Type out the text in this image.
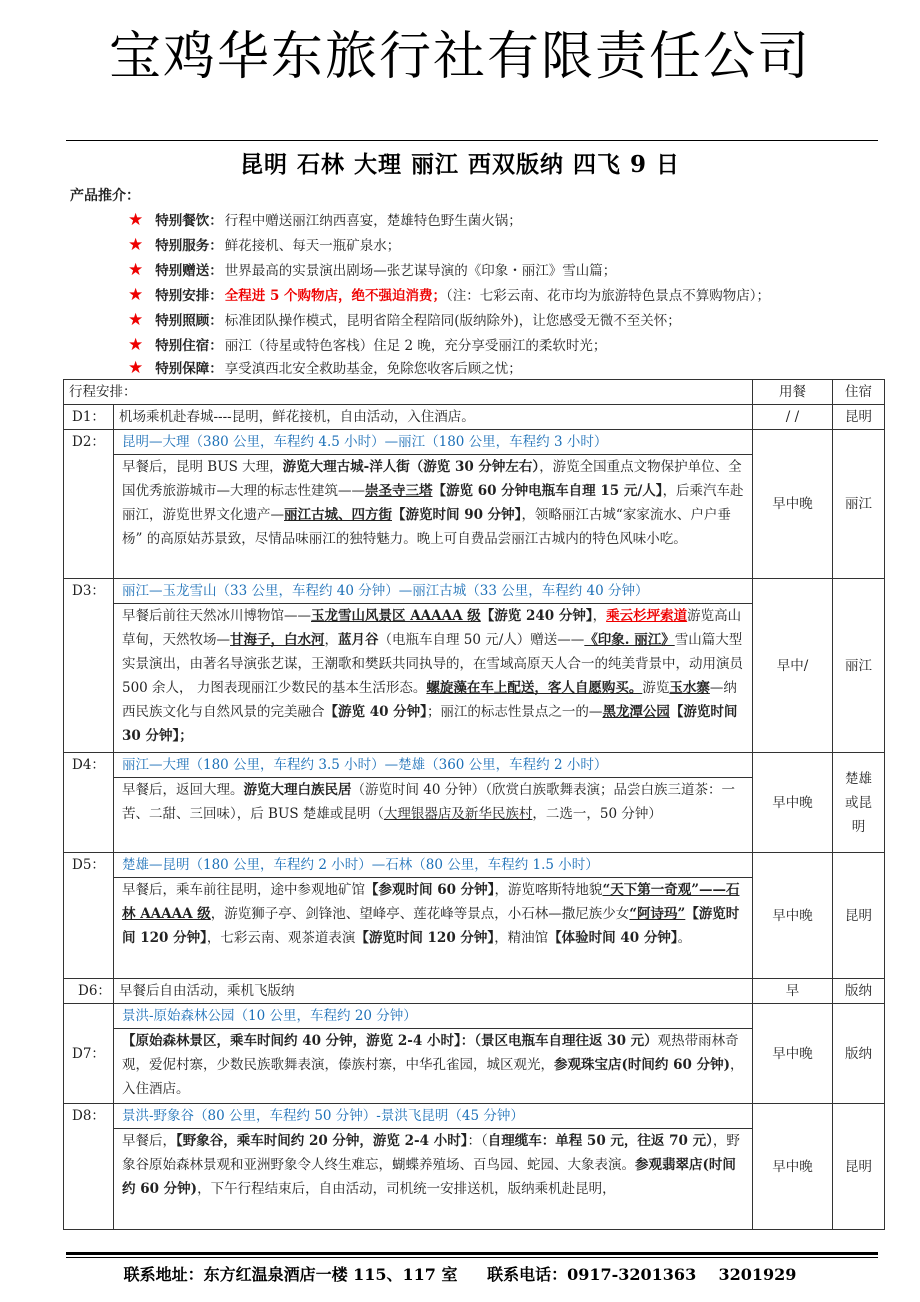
宝鸡华东旅行社有限责任公司
昆明 石林 大理 丽江 西双版纳 四飞 9 日
产品推介：
★ 特别餐饮： 行程中赠送丽江纳西喜宴，楚雄特色野生菌火锅；
★ 特别服务： 鲜花接机、每天一瓶矿泉水；
★ 特别赠送： 世界最高的实景演出剧场—张艺谋导演的《印象・丽江》雪山篇；
★ 特别安排： 全程进 5 个购物店，绝不强迫消费；（注：七彩云南、花市均为旅游特色景点不算购物店）；
★ 特别照顾： 标准团队操作模式，昆明省陪全程陪同(版纳除外)，让您感受无微不至关怀；
★ 特别住宿： 丽江（待星或特色客栈）住足 2 晚，充分享受丽江的柔软时光；
★ 特别保障： 享受滇西北安全救助基金，免除您收客后顾之忧；
行程安排：		用餐	住宿
D1：	机场乘机赴春城----昆明，鲜花接机，自由活动，入住酒店。	/ /	昆明
D2：	昆明—大理（380 公里，车程约 4.5 小时）—丽江（180 公里，车程约 3 小时）
早餐后，昆明 BUS 大理，游览大理古城-洋人街（游览 30 分钟左右），游览全国重点文物保护单位、全国优秀旅游城市—大理的标志性建筑——崇圣寺三塔【游览 60 分钟电瓶车自理 15 元/人】，后乘汽车赴丽江，游览世界文化遗产—丽江古城、四方街【游览时间 90 分钟】，领略丽江古城“家家流水、户户垂杨” 的高原姑苏景致，尽情品味丽江的独特魅力。晚上可自费品尝丽江古城内的特色风味小吃。	早中晚	丽江
D3：	丽江—玉龙雪山（33 公里，车程约 40 分钟）—丽江古城（33 公里，车程约 40 分钟）
早餐后前往天然冰川博物馆——玉龙雪山风景区 AAAAA 级【游览 240 分钟】，乘云杉坪索道游览高山草甸，天然牧场—甘海子，白水河，蓝月谷（电瓶车自理 50 元/人）赠送——《印象. 丽江》雪山篇大型实景演出，由著名导演张艺谋，王潮歌和樊跃共同执导的，在雪域高原天人合一的纯美背景中，动用演员 500 余人， 力图表现丽江少数民的基本生活形态。螺旋藻在车上配送，客人自愿购买。游览玉水寨—纳西民族文化与自然风景的完美融合【游览 40 分钟】；丽江的标志性景点之一的—黑龙潭公园【游览时间 30 分钟】；	早中/	丽江
D4：	丽江—大理（180 公里，车程约 3.5 小时）—楚雄（360 公里，车程约 2 小时）
早餐后，返回大理。游览大理白族民居（游览时间 40 分钟）（欣赏白族歌舞表演；品尝白族三道茶：一苦、二甜、三回味），后 BUS 楚雄或昆明（大理银器店及新华民族村，二选一，50 分钟）	早中晚	楚雄或昆明
D5：	楚雄—昆明（180 公里，车程约 2 小时）—石林（80 公里，车程约 1.5 小时）
早餐后，乘车前往昆明，途中参观地矿馆【参观时间 60 分钟】，游览喀斯特地貌“天下第一奇观”——石林 AAAAA 级，游览狮子亭、剑锋池、望峰亭、莲花峰等景点，小石林—撒尼族少女“阿诗玛”【游览时间 120 分钟】，七彩云南、观茶道表演【游览时间 120 分钟】，精油馆【体验时间 40 分钟】。	早中晚	昆明
D6：	早餐后自由活动，乘机飞版纳	早	版纳
D7：	景洪-原始森林公园（10 公里，车程约 20 分钟）
【原始森林景区，乘车时间约 40 分钟，游览 2-4 小时】：（景区电瓶车自理往返 30 元）观热带雨林奇观，爱伲村寨，少数民族歌舞表演，傣族村寨，中华孔雀园，城区观光，参观珠宝店(时间约 60 分钟)，入住酒店。	早中晚	版纳
D8：	景洪-野象谷（80 公里，车程约 50 分钟）-景洪飞昆明（45 分钟）
早餐后，【野象谷，乘车时间约 20 分钟，游览 2-4 小时】：（自理缆车：单程 50 元，往返 70 元），野象谷原始森林景观和亚洲野象令人终生难忘，蝴蝶养殖场、百鸟园、蛇园、大象表演。参观翡翠店(时间约 60 分钟)，下午行程结束后，自由活动，司机统一安排送机，版纳乘机赴昆明，	早中晚	昆明
联系地址：东方红温泉酒店一楼 115、117 室 联系电话：0917-3201363    3201929
